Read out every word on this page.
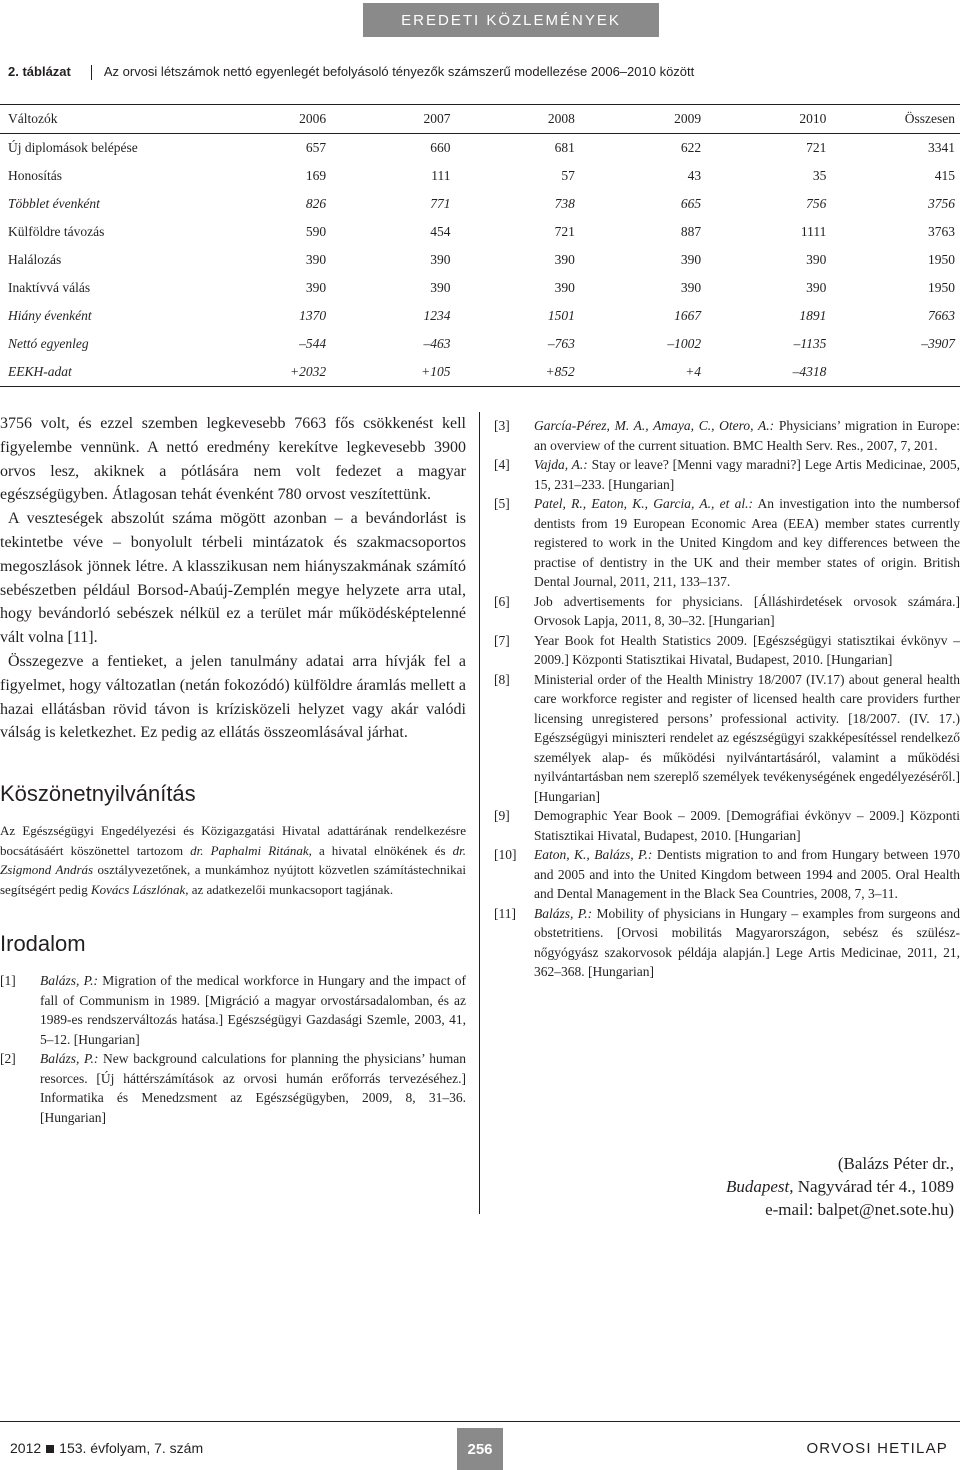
EREDETI KÖZLEMÉNYEK
2. táblázat	Az orvosi létszámok nettó egyenlegét befolyásoló tényezők számszerű modellezése 2006–2010 között
Változók	2006	2007	2008	2009	2010	Összesen
Új diplomások belépése	657	660	681	622	721	3341
Honosítás	169	111	57	43	35	415
Többlet évenként	826	771	738	665	756	3756
Külföldre távozás	590	454	721	887	1111	3763
Halálozás	390	390	390	390	390	1950
Inaktívvá válás	390	390	390	390	390	1950
Hiány évenként	1370	1234	1501	1667	1891	7663
Nettó egyenleg	–544	–463	–763	–1002	–1135	–3907
EEKH-adat	+2032	+105	+852	+4	–4318	

3756 volt, és ezzel szemben legkevesebb 7663 fős csökkenést kell figyelembe vennünk. A nettó eredmény kerekítve legkevesebb 3900 orvos lesz, akiknek a pótlására nem volt fedezet a magyar egészségügyben. Átlagosan tehát évenként 780 orvost veszítettünk.

A veszteségek abszolút száma mögött azonban – a bevándorlást is tekintetbe véve – bonyolult térbeli mintázatok és szakmacsoportos megoszlások jönnek létre. A klasszikusan nem hiányszakmának számító sebészetben például Borsod-Abaúj-Zemplén megye helyzete arra utal, hogy bevándorló sebészek nélkül ez a terület már működésképtelenné vált volna [11].

Összegezve a fentieket, a jelen tanulmány adatai arra hívják fel a figyelmet, hogy változatlan (netán fokozódó) külföldre áramlás mellett a hazai ellátásban rövid távon is krízisközeli helyzet vagy akár valódi válság is keletkezhet. Ez pedig az ellátás összeomlásával járhat.

Köszönetnyilvánítás

Az Egészségügyi Engedélyezési és Közigazgatási Hivatal adattárának rendelkezésre bocsátásáért köszönettel tartozom dr. Paphalmi Ritának, a hivatal elnökének és dr. Zsigmond András osztályvezetőnek, a munkámhoz nyújtott közvetlen számítástechnikai segítségért pedig Kovács Lászlónak, az adatkezelői munkacsoport tagjának.

Irodalom
[1]	Balázs, P.: Migration of the medical workforce in Hungary and the impact of fall of Communism in 1989. [Migráció a magyar orvostársadalomban, és az 1989-es rendszerváltozás hatása.] Egészségügyi Gazdasági Szemle, 2003, 41, 5–12. [Hungarian]
[2]	Balázs, P.: New background calculations for planning the physicians’ human resorces. [Új háttérszámítások az orvosi humán erőforrás tervezéséhez.] Informatika és Menedzsment az Egészségügyben, 2009, 8, 31–36. [Hungarian]
[3]	García-Pérez, M. A., Amaya, C., Otero, A.: Physicians’ migration in Europe: an overview of the current situation. BMC Health Serv. Res., 2007, 7, 201.
[4]	Vajda, A.: Stay or leave? [Menni vagy maradni?] Lege Artis Medicinae, 2005, 15, 231–233. [Hungarian]
[5]	Patel, R., Eaton, K., Garcia, A., et al.: An investigation into the numbersof dentists from 19 European Economic Area (EEA) member states currently registered to work in the United Kingdom and key differences between the practise of dentistry in the UK and their member states of origin. British Dental Journal, 2011, 211, 133–137.
[6]	Job advertisements for physicians. [Álláshirdetések orvosok számára.] Orvosok Lapja, 2011, 8, 30–32. [Hungarian]
[7]	Year Book fot Health Statistics 2009. [Egészségügyi statisztikai évkönyv – 2009.] Központi Statisztikai Hivatal, Budapest, 2010. [Hungarian]
[8]	Ministerial order of the Health Ministry 18/2007 (IV.17) about general health care workforce register and register of licensed health care providers further licensing unregistered persons’ professional activity. [18/2007. (IV. 17.) Egészségügyi miniszteri rendelet az egészségügyi szakképesítéssel rendelkező személyek alap- és működési nyilvántartásáról, valamint a működési nyilvántartásban nem szereplő személyek tevékenységének engedélyezéséről.] [Hungarian]
[9]	Demographic Year Book – 2009. [Demográfiai évkönyv – 2009.] Központi Statisztikai Hivatal, Budapest, 2010. [Hungarian]
[10]	Eaton, K., Balázs, P.: Dentists migration to and from Hungary between 1970 and 2005 and into the United Kingdom between 1994 and 2005. Oral Health and Dental Management in the Black Sea Countries, 2008, 7, 3–11.
[11]	Balázs, P.: Mobility of physicians in Hungary – examples from surgeons and obstetritiens. [Orvosi mobilitás Magyarországon, sebész és szülész-nőgyógyász szakorvosok példája alapján.] Lege Artis Medicinae, 2011, 21, 362–368. [Hungarian]
(Balázs Péter dr.,
Budapest, Nagyvárad tér 4., 1089
e-mail: balpet@net.sote.hu)
2012 153. évfolyam, 7. szám	256	ORVOSI HETILAP
